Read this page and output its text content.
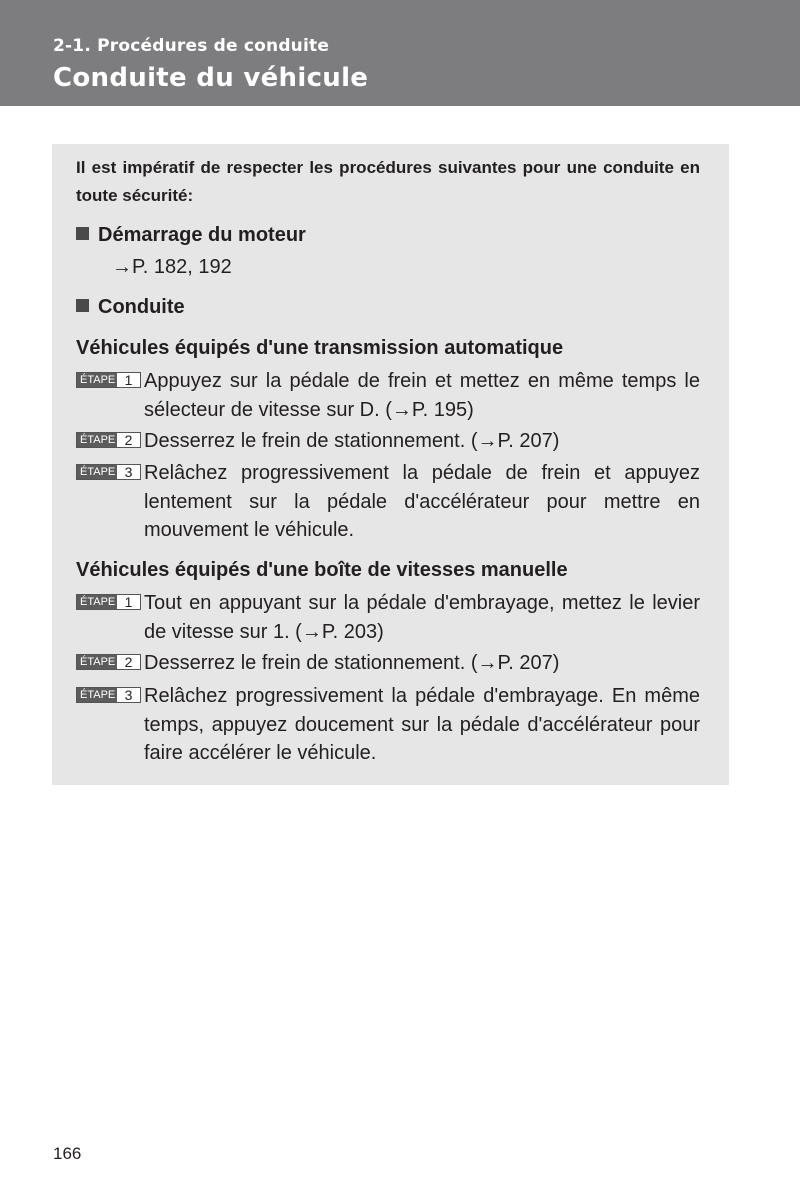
2-1. Procédures de conduite
Conduite du véhicule
Il est impératif de respecter les procédures suivantes pour une conduite en toute sécurité:
Démarrage du moteur
→P. 182, 192
Conduite
Véhicules équipés d'une transmission automatique
ÉTAPE 1 Appuyez sur la pédale de frein et mettez en même temps le sélecteur de vitesse sur D. (→P. 195)
ÉTAPE 2 Desserrez le frein de stationnement. (→P. 207)
ÉTAPE 3 Relâchez progressivement la pédale de frein et appuyez lentement sur la pédale d'accélérateur pour mettre en mouvement le véhicule.
Véhicules équipés d'une boîte de vitesses manuelle
ÉTAPE 1 Tout en appuyant sur la pédale d'embrayage, mettez le levier de vitesse sur 1. (→P. 203)
ÉTAPE 2 Desserrez le frein de stationnement. (→P. 207)
ÉTAPE 3 Relâchez progressivement la pédale d'embrayage. En même temps, appuyez doucement sur la pédale d'accélérateur pour faire accélérer le véhicule.
166
